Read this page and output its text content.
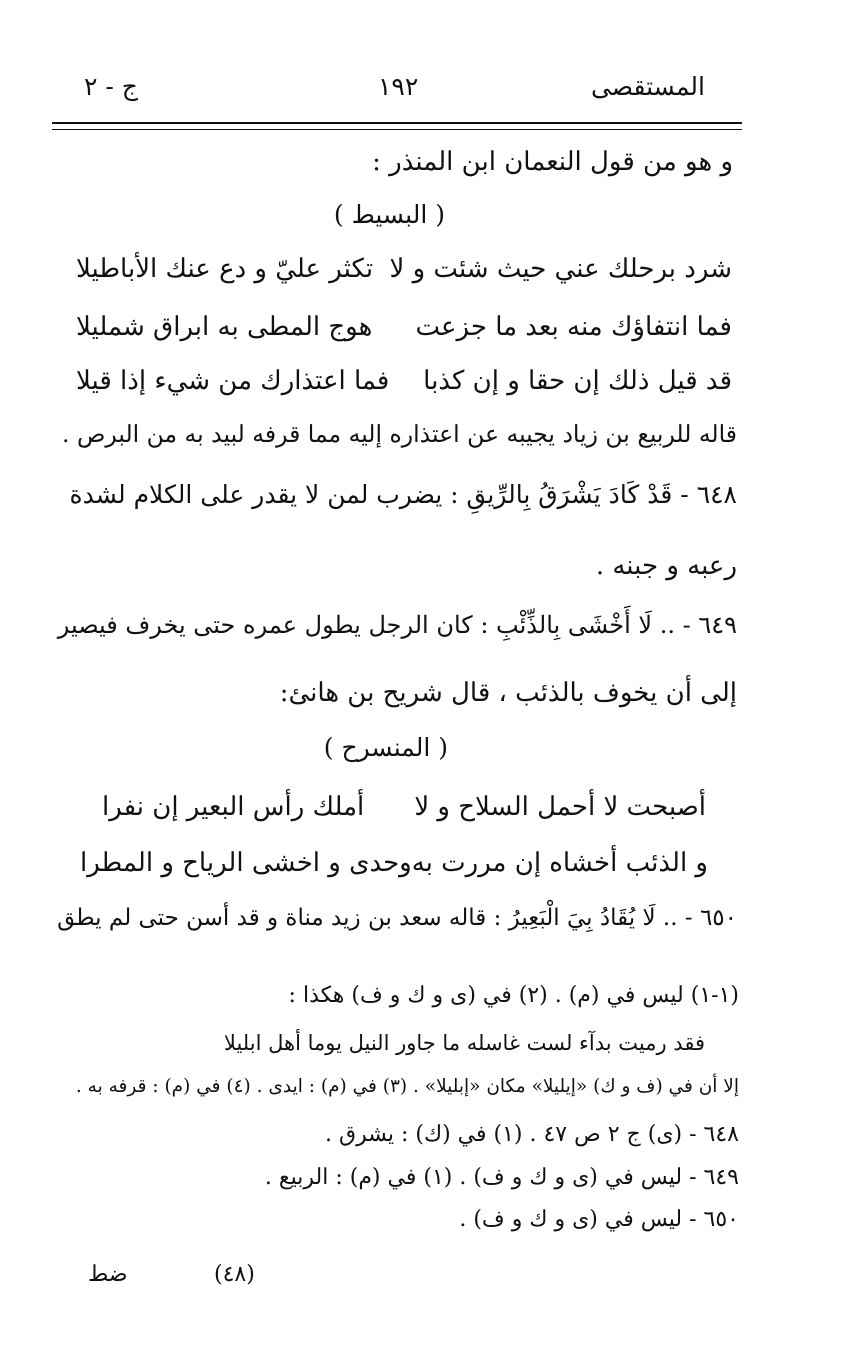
المستقصى
١٩٢
ج - ٢
و هو من قول النعمان ابن المنذر :
( البسيط )
شرد برحلك عني حيث شئت و لا
تكثر عليّ و دع عنك الأباطيلا
فما انتفاؤك منه بعد ما جزعت
هوج المطى به ابراق شمليلا
قد قيل ذلك إن حقا و إن كذبا
فما اعتذارك من شيء إذا قيلا
قاله للربيع بن زياد يجيبه عن اعتذاره إليه مما قرفه لبيد به من البرص .
٦٤٨ - قَدْ كَادَ يَشْرَقُ بِالرِّيقِ : يضرب لمن لا يقدر على الكلام لشدة
رعبه و جبنه .
٦٤٩ - .. لَا أَخْشَى بِالذِّئْبِ : كان الرجل يطول عمره حتى يخرف فيصير
إلى أن يخوف بالذئب ، قال شريح بن هانئ:
( المنسرح )
أصبحت لا أحمل السلاح و لا
أملك رأس البعير إن نفرا
و الذئب أخشاه إن مررت به
وحدى و اخشى الرياح و المطرا
٦٥٠ - .. لَا يُقَادُ بِيَ الْبَعِيرُ : قاله سعد بن زيد مناة و قد أسن حتى لم يطق
(١-١) ليس في (م) . (٢) في (ى و ك و ف) هكذا :
فقد رميت بدآء لست غاسله ما جاور النيل يوما أهل ابليلا
إلا أن في (ف و ك) «إيليلا» مكان «إبليلا» . (٣) في (م) : ايدى . (٤) في (م) : قرفه به .
٦٤٨ - (ى) ج ٢ ص ٤٧ . (١) في (ك) : يشرق .
٦٤٩ - ليس في (ى و ك و ف) . (١) في (م) : الربيع .
٦٥٠ - ليس في (ى و ك و ف) .
ضط	(٤٨)
